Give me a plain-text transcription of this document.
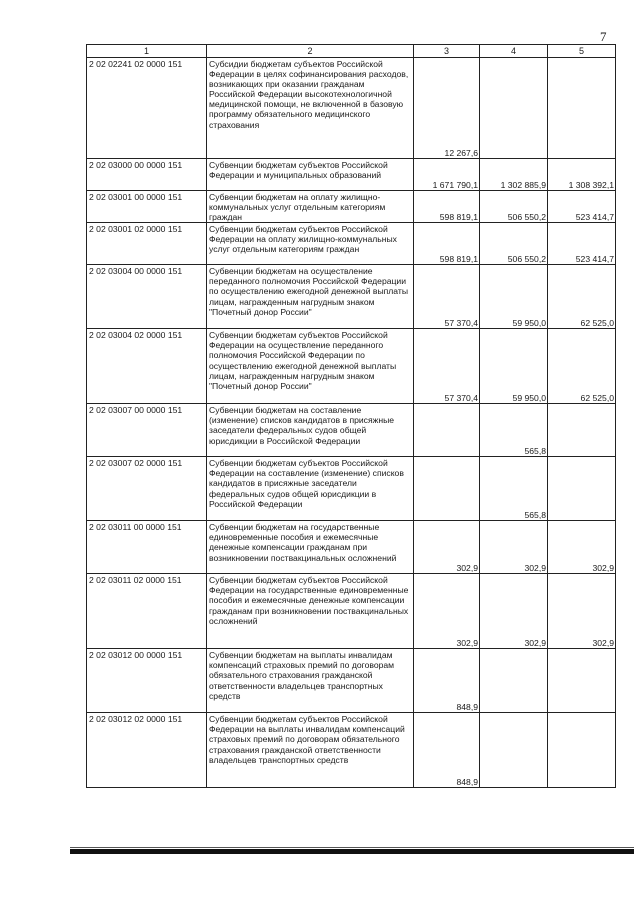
7
1	2	3	4	5
2 02 02241 02 0000 151	Субсидии бюджетам субъектов Российской Федерации в целях софинансирования расходов, возникающих при оказании гражданам Российской Федерации высокотехнологичной медицинской помощи, не включенной в базовую программу обязательного медицинского страхования	12 267,6		
2 02 03000 00 0000 151	Субвенции бюджетам субъектов Российской Федерации и муниципальных образований	1 671 790,1	1 302 885,9	1 308 392,1
2 02 03001 00 0000 151	Субвенции бюджетам на оплату жилищно-коммунальных услуг отдельным категориям граждан	598 819,1	506 550,2	523 414,7
2 02 03001 02 0000 151	Субвенции бюджетам субъектов Российской Федерации на оплату жилищно-коммунальных услуг отдельным категориям граждан	598 819,1	506 550,2	523 414,7
2 02 03004 00 0000 151	Субвенции бюджетам на осуществление переданного полномочия Российской Федерации по осуществлению ежегодной денежной выплаты лицам, награжденным нагрудным знаком "Почетный донор России"	57 370,4	59 950,0	62 525,0
2 02 03004 02 0000 151	Субвенции бюджетам субъектов Российской Федерации на осуществление переданного полномочия Российской Федерации по осуществлению ежегодной денежной выплаты лицам, награжденным нагрудным знаком "Почетный донор России"	57 370,4	59 950,0	62 525,0
2 02 03007 00 0000 151	Субвенции бюджетам на составление (изменение) списков кандидатов в присяжные заседатели федеральных судов общей юрисдикции в Российской Федерации		565,8	
2 02 03007 02 0000 151	Субвенции бюджетам субъектов Российской Федерации на составление (изменение) списков кандидатов в присяжные заседатели федеральных судов общей юрисдикции в Российской Федерации		565,8	
2 02 03011 00 0000 151	Субвенции бюджетам на государственные единовременные пособия и ежемесячные денежные компенсации гражданам при возникновении поствакцинальных осложнений	302,9	302,9	302,9
2 02 03011 02 0000 151	Субвенции бюджетам субъектов Российской Федерации на государственные единовременные пособия и ежемесячные денежные компенсации гражданам при возникновении поствакцинальных осложнений	302,9	302,9	302,9
2 02 03012 00 0000 151	Субвенции бюджетам на выплаты инвалидам компенсаций страховых премий по договорам обязательного страхования гражданской ответственности владельцев транспортных средств	848,9		
2 02 03012 02 0000 151	Субвенции бюджетам субъектов Российской Федерации на выплаты инвалидам компенсаций страховых премий по договорам обязательного страхования гражданской ответственности владельцев транспортных средств	848,9		
